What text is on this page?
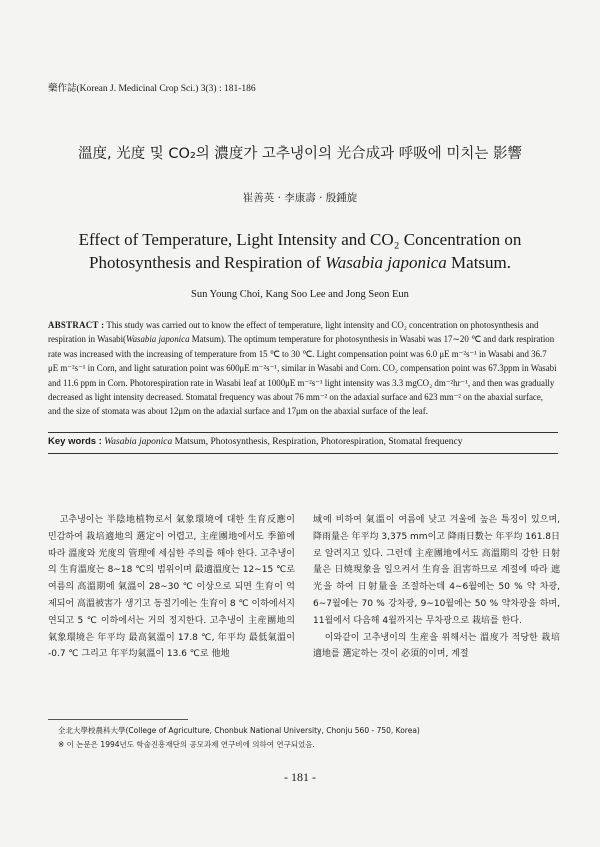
藥作誌(Korean J. Medicinal Crop Sci.) 3(3) : 181-186
溫度, 光度 및 CO₂의 濃度가 고추냉이의 光合成과 呼吸에 미치는 影響
崔善英 · 李康壽 · 殷鍾旋
Effect of Temperature, Light Intensity and CO₂ Concentration on
Photosynthesis and Respiration of Wasabia japonica Matsum.
Sun Young Choi, Kang Soo Lee and Jong Seon Eun
ABSTRACT : This study was carried out to know the effect of temperature, light intensity and CO₂ concentration on photosynthesis and respiration in Wasabi(Wasabia japonica Matsum). The optimum temperature for photosynthesis in Wasabi was 17∼20 ℃ and dark respiration rate was increased with the increasing of temperature from 15 ℃ to 30 ℃. Light compensation point was 6.0 μE m⁻²s⁻¹ in Wasabi and 36.7 μE m⁻²s⁻¹ in Corn, and light saturation point was 600μE m⁻²s⁻¹, similar in Wasabi and Corn. CO₂ compensation point was 67.3ppm in Wasabi and 11.6 ppm in Corn. Photorespiration rate in Wasabi leaf at 1000μE m⁻²s⁻¹ light intensity was 3.3 mgCO₂ dm⁻²hr⁻¹, and then was gradually decreased as light intensity decreased. Stomatal frequency was about 76 mm⁻² on the adaxial surface and 623 mm⁻² on the abaxial surface, and the size of stomata was about 12μm on the adaxial surface and 17μm on the abaxial surface of the leaf.
Key words : Wasabia japonica Matsum, Photosynthesis, Respiration, Photorespiration, Stomatal frequency

고추냉이는 半陰地植物로서 氣象環境에 대한 生育反應이 민감하여 栽培適地의 選定이 어렵고, 主産團地에서도 季節에 따라 溫度와 光度의 管理에 세심한 주의를 해야 한다. 고추냉이의 生育溫度는 8∼18 ℃의 범위이며 最適溫度는 12∼15 ℃로 여름의 高溫期에 氣溫이 28∼30 ℃ 이상으로 되면 生育이 억제되어 高溫被害가 생기고 동절기에는 生育이 8 ℃ 이하에서지연되고 5 ℃ 이하에서는 거의 정지한다. 고추냉이 主産團地의 氣象環境은 年平均 最高氣溫이 17.8 ℃, 年平均 最低氣溫이 -0.7 ℃ 그리고 年平均氣溫이 13.6 ℃로 他地

域에 비하여 氣溫이 여름에 낮고 겨울에 높은 특징이 있으며, 降雨量은 年平均 3,375 mm이고 降雨日數는 年平均 161.8日로 알려지고 있다. 그런데 主産團地에서도 高溫期의 강한 日射量은 日燒現象을 일으켜서 生育을 沮害하므로 계절에 따라 遮光을 하여 日射量을 조절하는데 4∼6월에는 50 % 약 차광, 6∼7월에는 70 % 강차광, 9∼10월에는 50 % 약차광을 하며, 11월에서 다음해 4월까지는 무차광으로 栽培를 한다.

이와같이 고추냉이의 生産을 위해서는 溫度가 적당한 栽培適地를 選定하는 것이 必須的이며, 계절

全北大學校農科大學(College of Agriculture, Chonbuk National University, Chonju 560 - 750, Korea)
※ 이 논문은 1994년도 학술진흥재단의 공모과제 연구비에 의하여 연구되었음.
- 181 -
